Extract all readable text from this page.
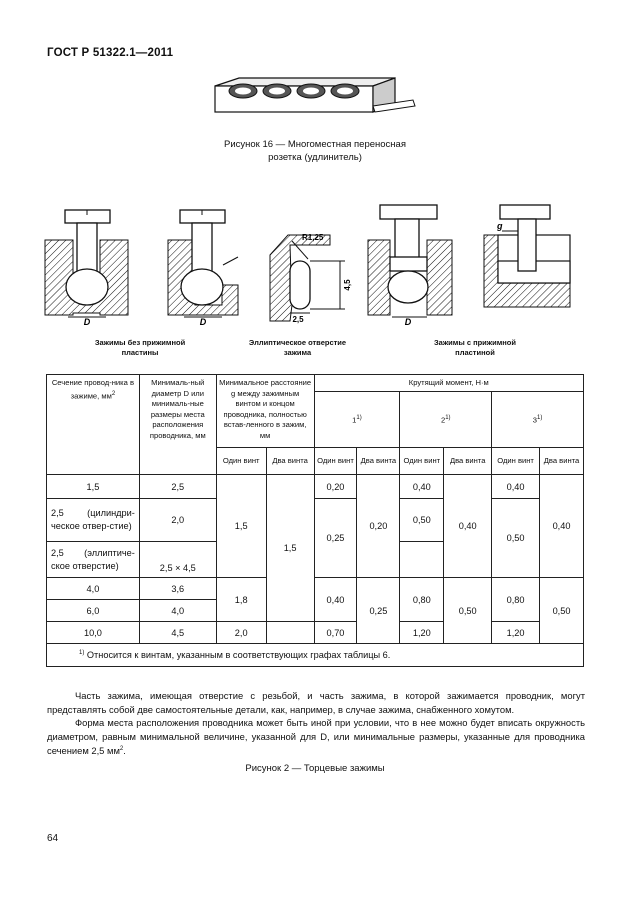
ГОСТ Р 51322.1—2011
Рисунок 16 — Многоместная переносная
розетка (удлинитель)
D	D
4,5
2,5
R1,25
D
g
Зажимы без прижимной
пластины
Эллиптическое отверстие
зажима
Зажимы с прижимной
пластиной
Сечение провод-ника в зажиме, $мм^2$	Минималь-ный диаметр D или минималь-ные размеры места расположения проводника, мм	Минимальное расстояние g между зажимным винтом и концом проводника, полностью встав-ленного в зажим, мм		Крутящий момент, Н·м					
				1$^{1)}$		2$^{1)}$		3$^{1)}$
		Один винт	Два винта	Один винт	Два винта	Один винт	Два винта	Один винт	Два винта
1,5	2,5	1,5	1,5	0,20	0,20	0,40	0,40	0,40	0,40
2,5 (цилиндри-ческое отвер-стие)	2,0			0,25		0,50		0,50	
2,5 (эллиптиче-ское отверстие)	2,5 × 4,5								
4,0	3,6	1,8		0,40	0,25	0,80	0,50	0,80	0,50
6,0	4,0								
10,0	4,5	2,0		0,70		1,20		1,20	
$^{1)}$ Относится к винтам, указанным в соответствующих графах таблицы 6.									
Часть зажима, имеющая отверстие с резьбой, и часть зажима, в которой зажимается проводник, могут представлять собой две самостоятельные детали, как, например, в случае зажима, снабженного хомутом.
Форма места расположения проводника может быть иной при условии, что в нее можно будет вписать окружность диаметром, равным минимальной величине, указанной для D, или минимальные размеры, указанные для проводника сечением 2,5 $мм^2$.
Рисунок 2 — Торцевые зажимы
64
